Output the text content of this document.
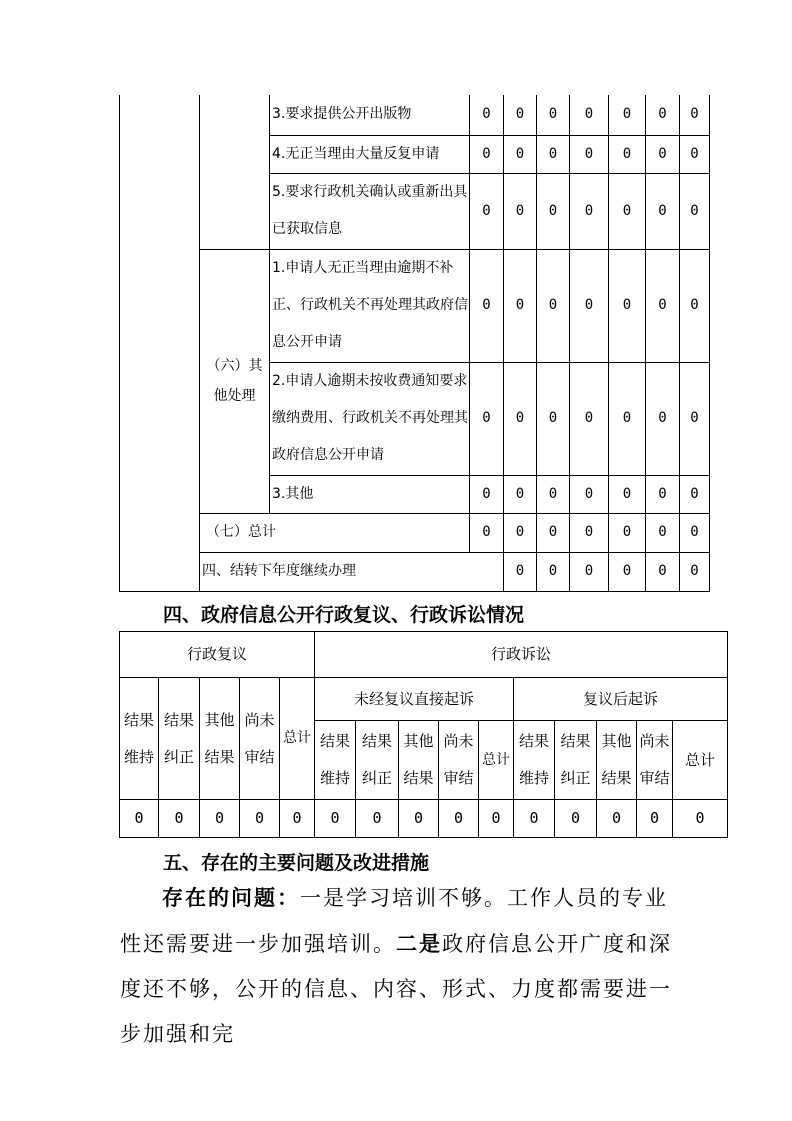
		3.要求提供公开出版物	0	0	0	0	0	0	0	
		4.无正当理由大量反复申请	0	0	0	0	0	0	0	
		5.要求行政机关确认或重新出具已获取信息	0	0	0	0	0	0	0	
	（六）其他处理	1.申请人无正当理由逾期不补正、行政机关不再处理其政府信息公开申请	0	0	0	0	0	0	0	
		2.申请人逾期未按收费通知要求缴纳费用、行政机关不再处理其政府信息公开申请	0	0	0	0	0	0	0	
		3.其他	0	0	0	0	0	0	0	
	（七）总计		0	0	0	0	0	0	0	
	四、结转下年度继续办理			0	0	0	0	0	0	
四、政府信息公开行政复议、行政诉讼情况
行政复议					行政诉讼									
结果维持	结果纠正	其他结果	尚未审结	总计	未经复议直接起诉					复议后起诉				
					结果维持	结果纠正	其他结果	尚未审结	总计	结果维持	结果纠正	其他结果	尚未审结	总计
0	0	0	0	0	0	0	0	0	0	0	0	0	0	0
五、存在的主要问题及改进措施

存在的问题：一是学习培训不够。工作人员的专业性还需要进一步加强培训。二是政府信息公开广度和深度还不够，公开的信息、内容、形式、力度都需要进一步加强和完
